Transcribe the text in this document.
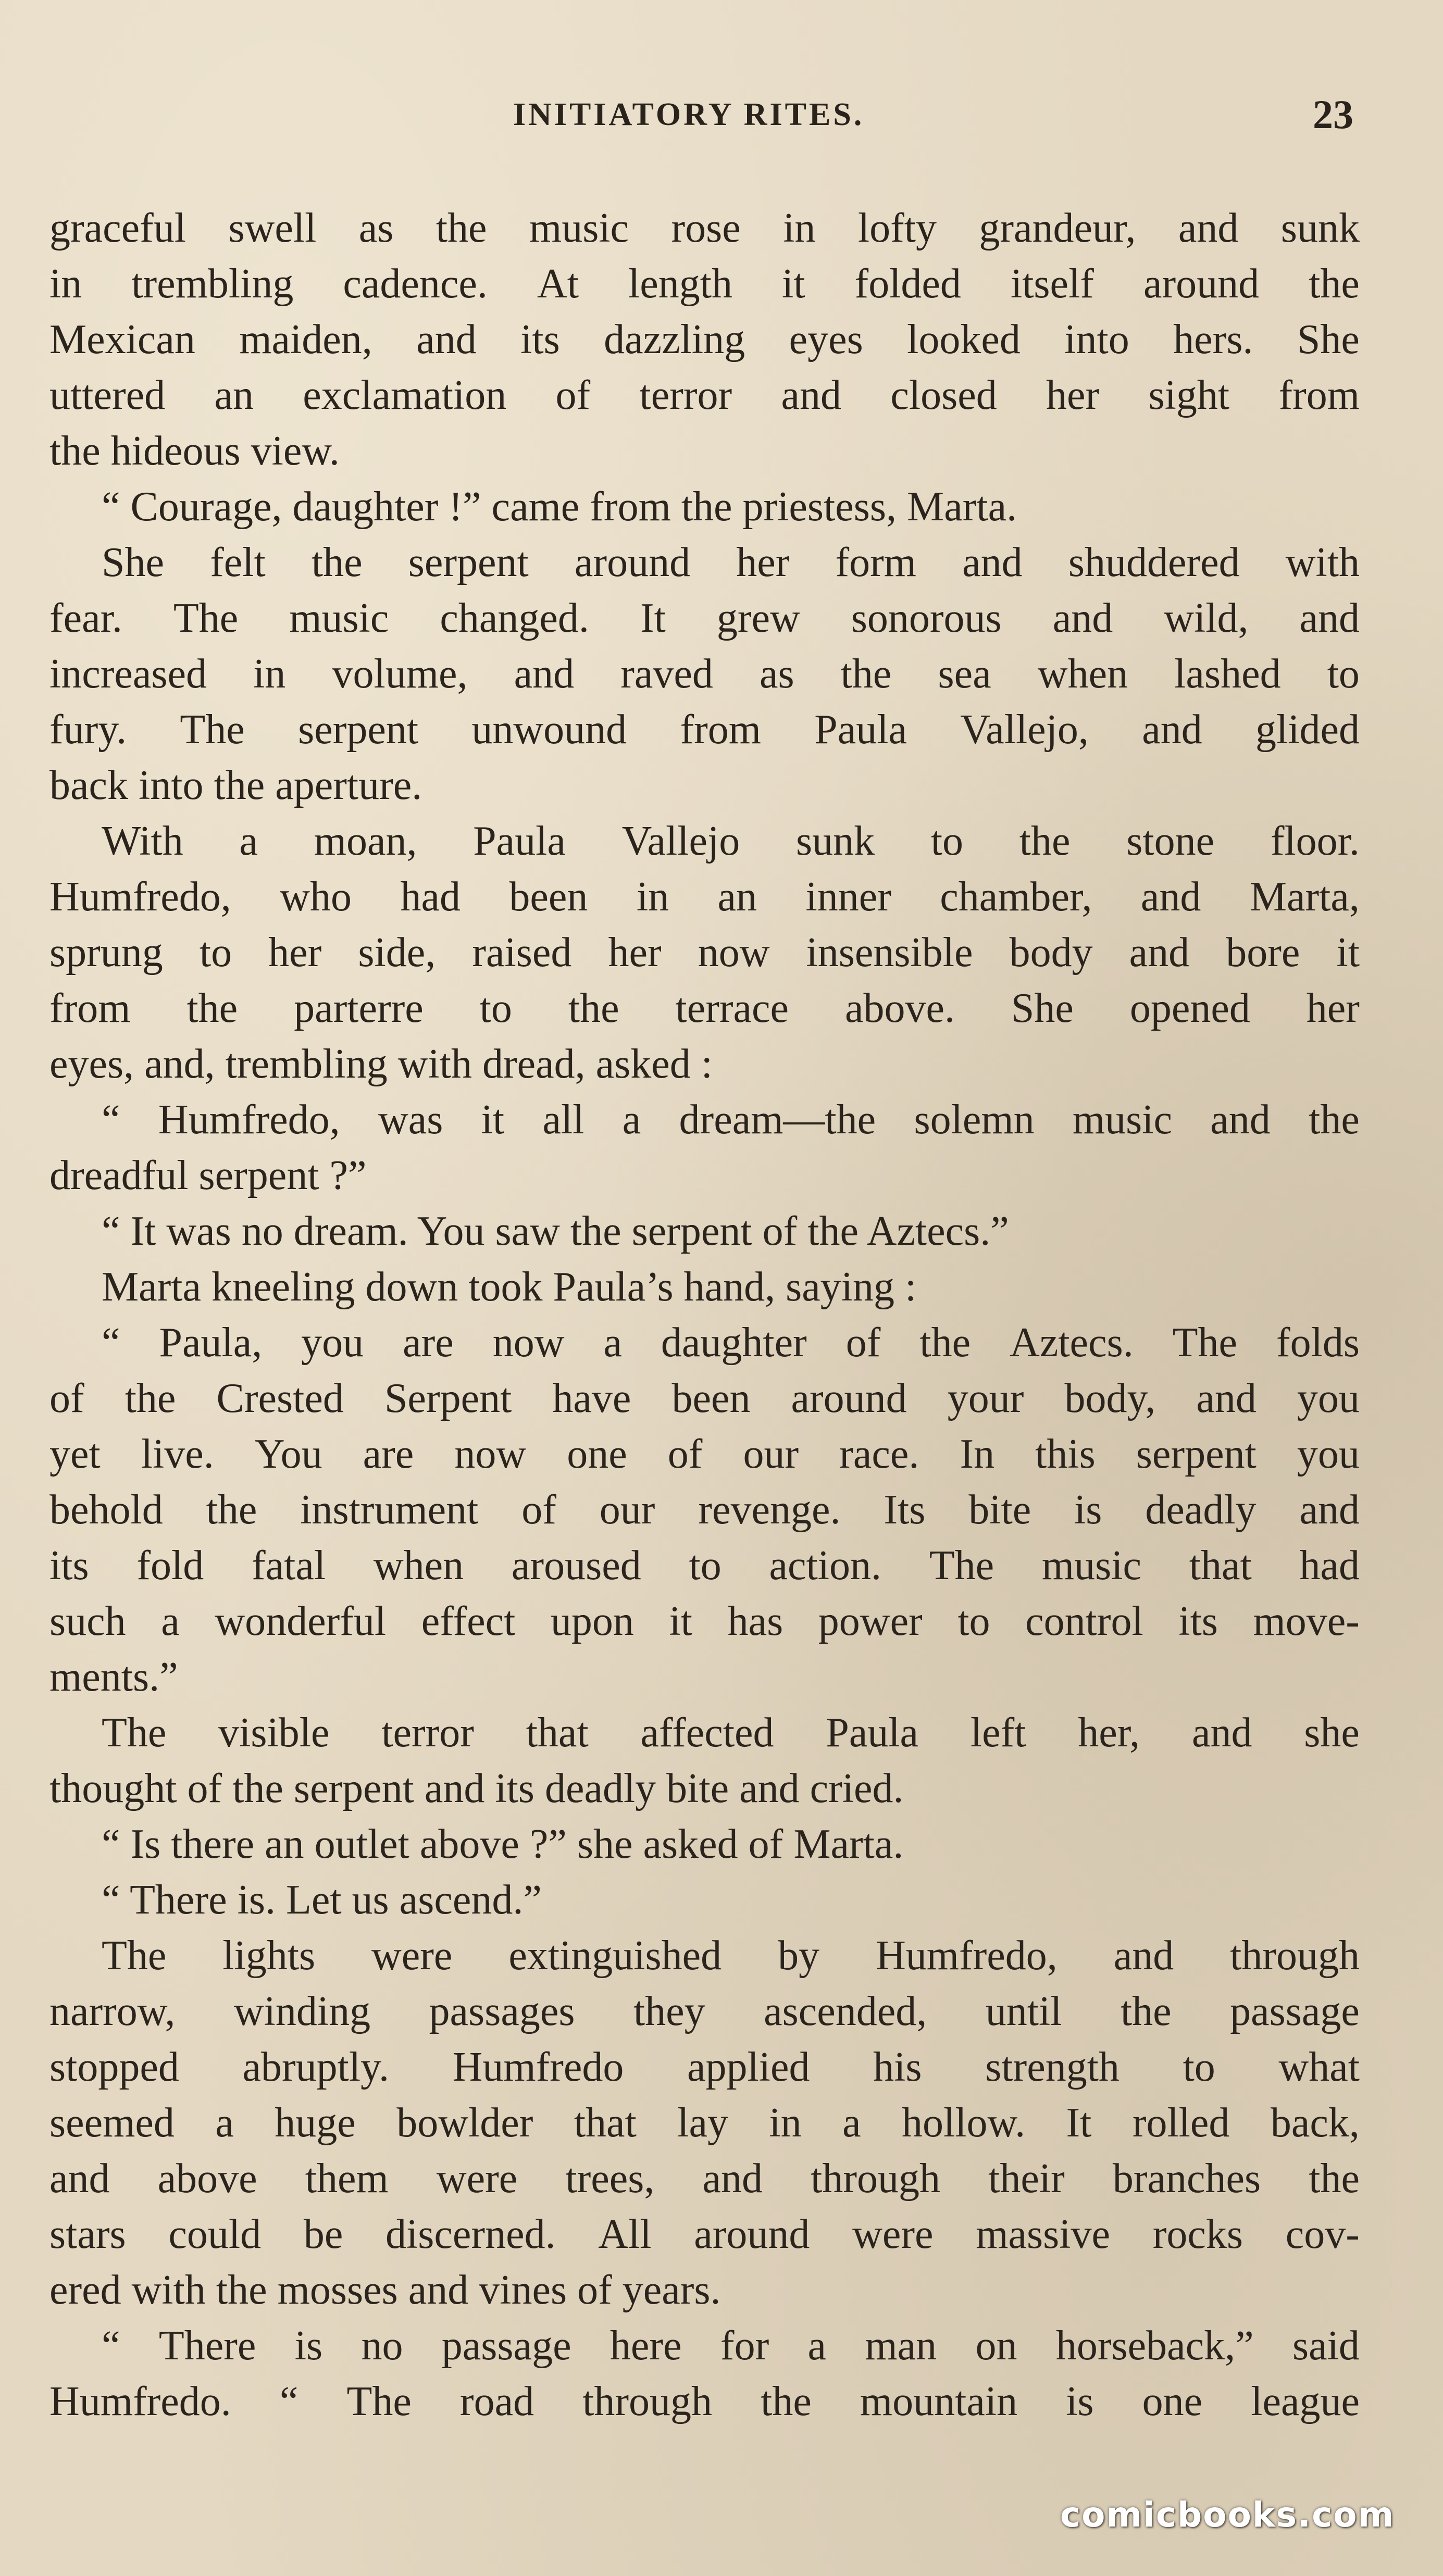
INITIATORY RITES.	23
graceful swell as the music rose in lofty grandeur, and sunk
in trembling cadence. At length it folded itself around the
Mexican maiden, and its dazzling eyes looked into hers. She
uttered an exclamation of terror and closed her sight from
the hideous view.
“ Courage, daughter !” came from the priestess, Marta.
She felt the serpent around her form and shuddered with
fear. The music changed. It grew sonorous and wild, and
increased in volume, and raved as the sea when lashed to
fury. The serpent unwound from Paula Vallejo, and glided
back into the aperture.
With a moan, Paula Vallejo sunk to the stone floor.
Humfredo, who had been in an inner chamber, and Marta,
sprung to her side, raised her now insensible body and bore it
from the parterre to the terrace above. She opened her
eyes, and, trembling with dread, asked :
“ Humfredo, was it all a dream—the solemn music and the
dreadful serpent ?”
“ It was no dream. You saw the serpent of the Aztecs.”
Marta kneeling down took Paula’s hand, saying :
“ Paula, you are now a daughter of the Aztecs. The folds
of the Crested Serpent have been around your body, and you
yet live. You are now one of our race. In this serpent you
behold the instrument of our revenge. Its bite is deadly and
its fold fatal when aroused to action. The music that had
such a wonderful effect upon it has power to control its move-
ments.”
The visible terror that affected Paula left her, and she
thought of the serpent and its deadly bite and cried.
“ Is there an outlet above ?” she asked of Marta.
“ There is. Let us ascend.”
The lights were extinguished by Humfredo, and through
narrow, winding passages they ascended, until the passage
stopped abruptly. Humfredo applied his strength to what
seemed a huge bowlder that lay in a hollow. It rolled back,
and above them were trees, and through their branches the
stars could be discerned. All around were massive rocks cov-
ered with the mosses and vines of years.
“ There is no passage here for a man on horseback,” said
Humfredo. “ The road through the mountain is one league
comicbooks.com
